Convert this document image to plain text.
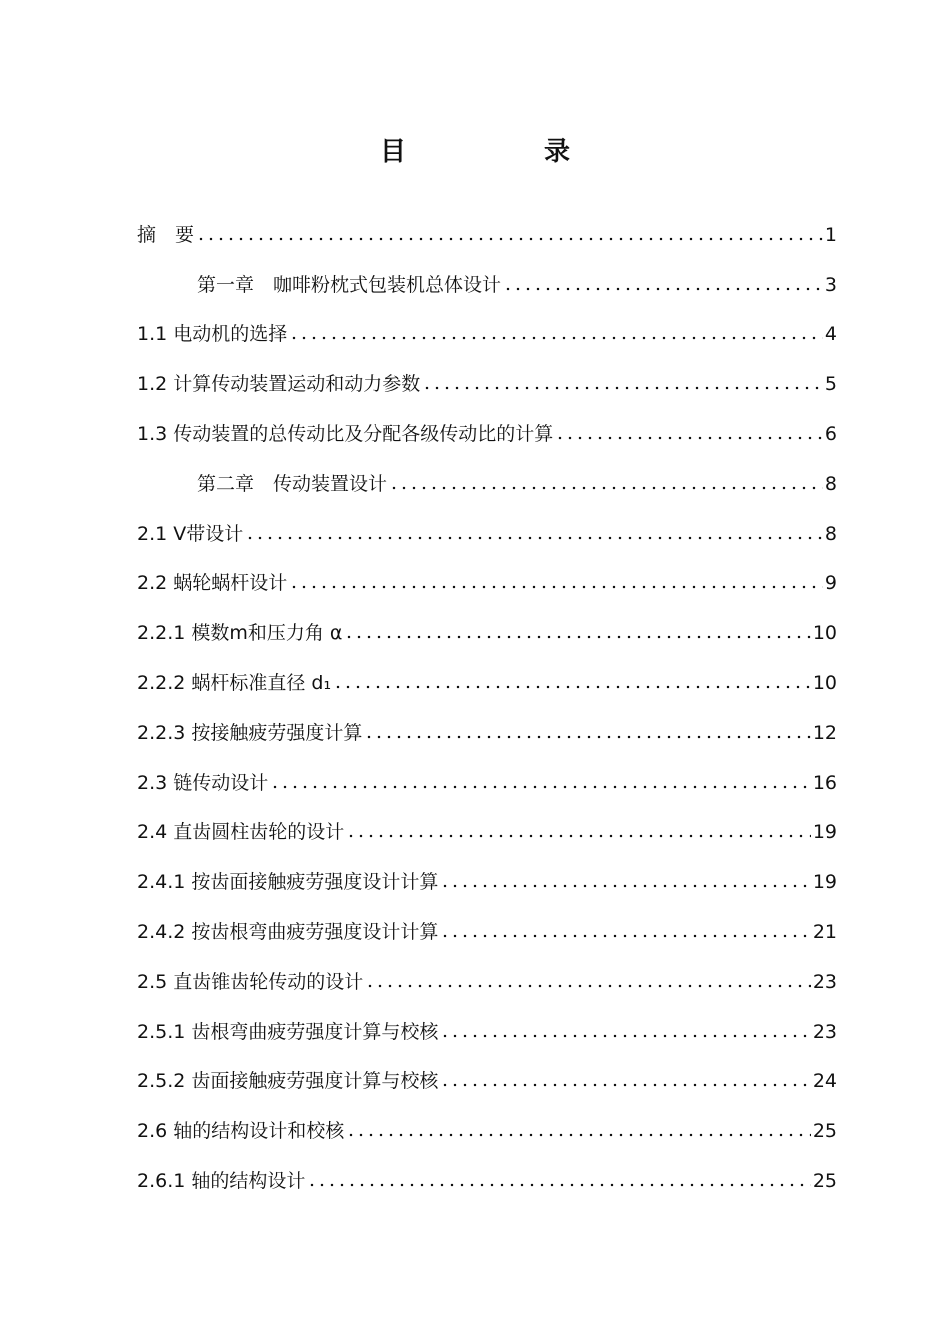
目　录
摘　要	1
第一章　咖啡粉枕式包装机总体设计	3
1.1 电动机的选择	4
1.2 计算传动装置运动和动力参数	5
1.3 传动装置的总传动比及分配各级传动比的计算	6
第二章　传动装置设计	8
2.1 V带设计	8
2.2 蜗轮蜗杆设计	9
2.2.1 模数m和压力角 α	10
2.2.2 蜗杆标准直径 d₁	10
2.2.3 按接触疲劳强度计算	12
2.3 链传动设计	16
2.4 直齿圆柱齿轮的设计	19
2.4.1 按齿面接触疲劳强度设计计算	19
2.4.2 按齿根弯曲疲劳强度设计计算	21
2.5 直齿锥齿轮传动的设计	23
2.5.1 齿根弯曲疲劳强度计算与校核	23
2.5.2 齿面接触疲劳强度计算与校核	24
2.6 轴的结构设计和校核	25
2.6.1 轴的结构设计	25
